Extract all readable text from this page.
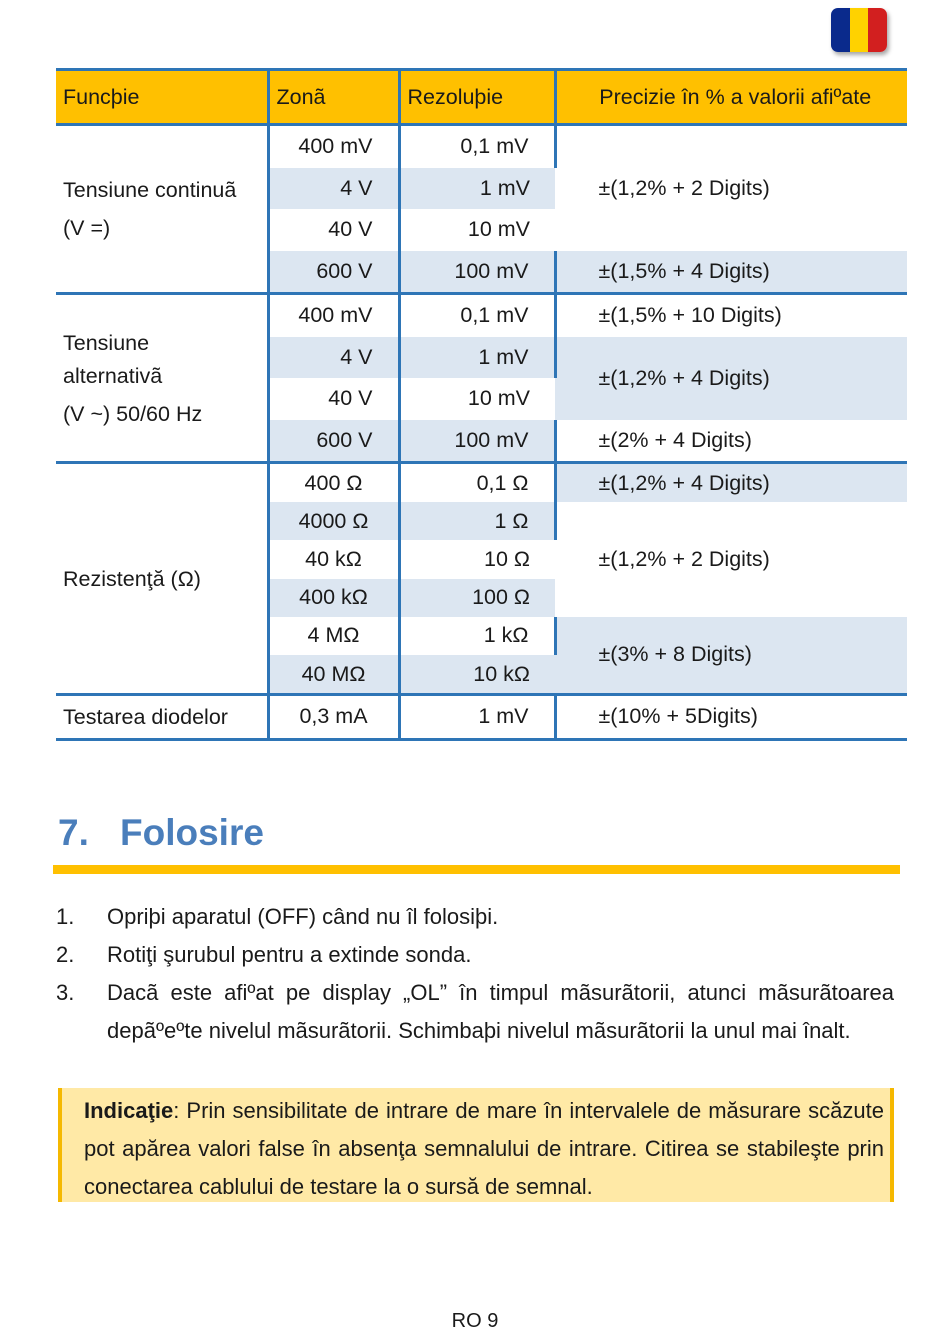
Funcþie	Zonã	Rezoluþie	Precizie în % a valorii afiºate
Tensiune continuã
(V =)	400 mV	0,1 mV	±(1,2% + 2 Digits)
	4 V	1 mV	
	40 V	10 mV	
	600 V	100 mV	±(1,5% + 4 Digits)
Tensiune
alternativã
(V ~) 50/60 Hz	400 mV	0,1 mV	±(1,5% + 10 Digits)
	4 V	1 mV	±(1,2% + 4 Digits)
	40 V	10 mV	
	600 V	100 mV	±(2% + 4 Digits)
Rezistenţă (Ω)	400 Ω	0,1 Ω	±(1,2% + 4 Digits)
	4000 Ω	1 Ω	±(1,2% + 2 Digits)
	40 kΩ	10 Ω	
	400 kΩ	100 Ω	
	4 MΩ	1 kΩ	±(3% + 8 Digits)
	40 MΩ	10 kΩ	
Testarea diodelor	0,3 mA	1 mV	±(10% + 5Digits)
7. Folosire
1.	Opriþi aparatul (OFF) când nu îl folosiþi.
2.	Rotiţi şurubul pentru a extinde sonda.
3.	Dacã este afiºat pe display „OL” în timpul mãsurãtorii, atunci mãsurãtoarea depãºeºte nivelul mãsurãtorii. Schimbaþi nivelul mãsurãtorii la unul mai înalt.
Indicaţie: Prin sensibilitate de intrare de mare în intervalele de măsurare scăzute pot apărea valori false în absenţa semnalului de intrare. Citirea se stabileşte prin conectarea cablului de testare la o sursă de semnal.
RO 9
